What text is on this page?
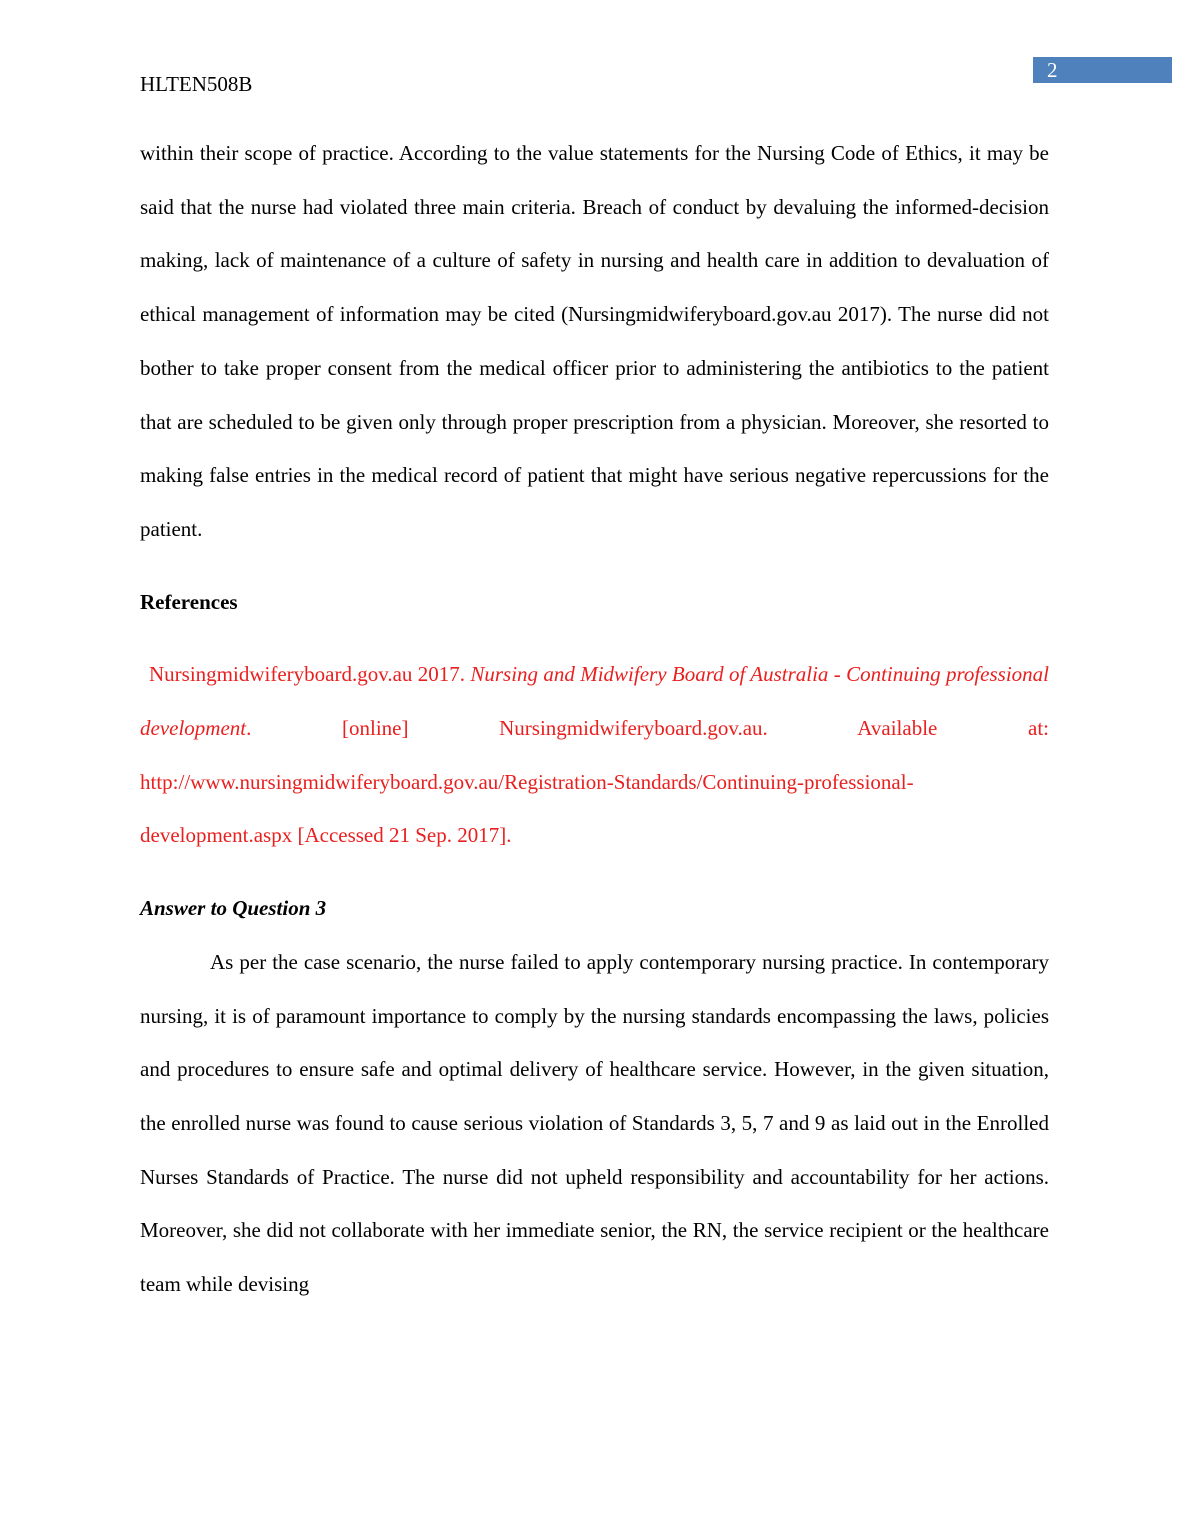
HLTEN508B

2

within their scope of practice. According to the value statements for the Nursing Code of Ethics, it may be said that the nurse had violated three main criteria. Breach of conduct by devaluing the informed-decision making, lack of maintenance of a culture of safety in nursing and health care in addition to devaluation of ethical management of information may be cited (Nursingmidwiferyboard.gov.au 2017). The nurse did not bother to take proper consent from the medical officer prior to administering the antibiotics to the patient that are scheduled to be given only through proper prescription from a physician. Moreover, she resorted to making false entries in the medical record of patient that might have serious negative repercussions for the patient.

References

Nursingmidwiferyboard.gov.au 2017. Nursing and Midwifery Board of Australia - Continuing professional development. [online] Nursingmidwiferyboard.gov.au. Available at: http://www.nursingmidwiferyboard.gov.au/Registration-Standards/Continuing-professional-development.aspx [Accessed 21 Sep. 2017].

Answer to Question 3

As per the case scenario, the nurse failed to apply contemporary nursing practice. In contemporary nursing, it is of paramount importance to comply by the nursing standards encompassing the laws, policies and procedures to ensure safe and optimal delivery of healthcare service. However, in the given situation, the enrolled nurse was found to cause serious violation of Standards 3, 5, 7 and 9 as laid out in the Enrolled Nurses Standards of Practice. The nurse did not upheld responsibility and accountability for her actions. Moreover, she did not collaborate with her immediate senior, the RN, the service recipient or the healthcare team while devising
